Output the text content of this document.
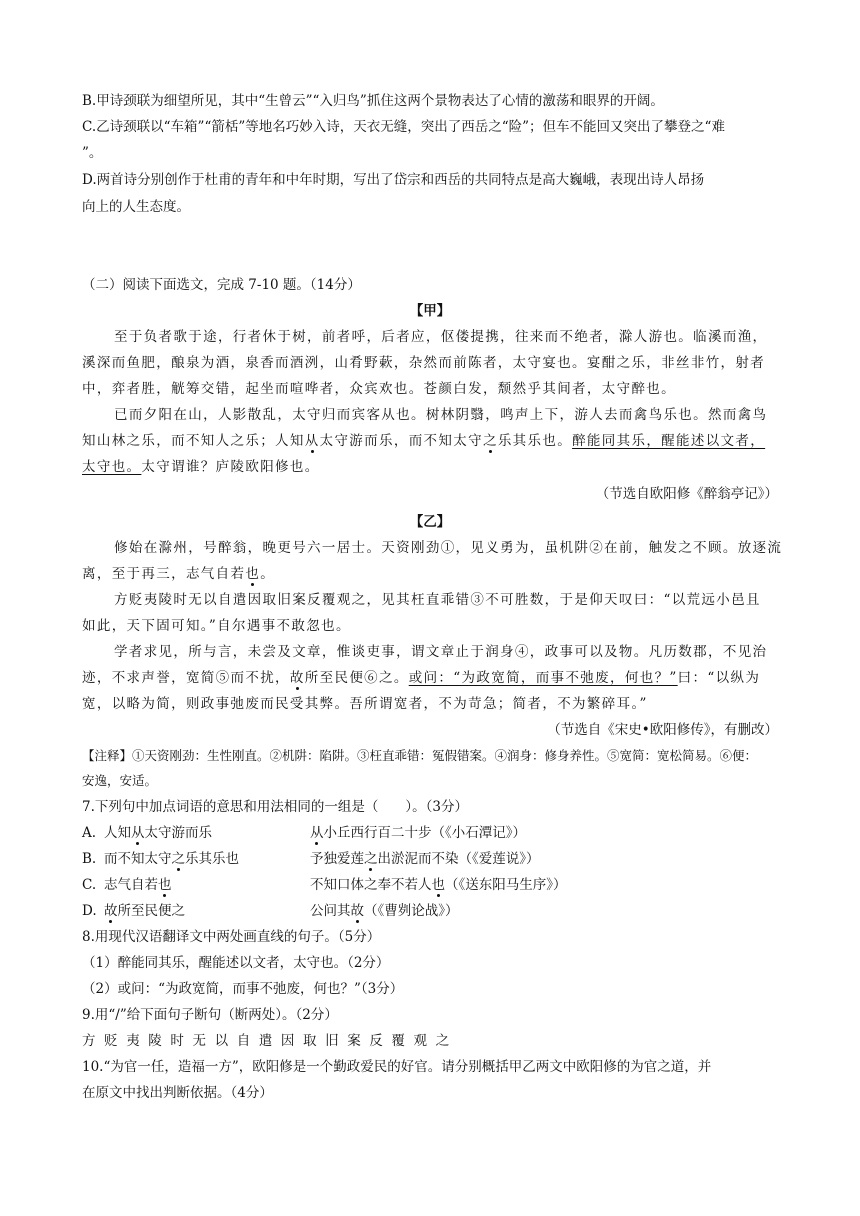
B.甲诗颈联为细望所见，其中“生曾云”“入归鸟”抓住这两个景物表达了心情的激荡和眼界的开阔。
C.乙诗颈联以“车箱”“箭栝”等地名巧妙入诗，天衣无缝，突出了西岳之“险”；但车不能回又突出了攀登之“难
”。
D.两首诗分别创作于杜甫的青年和中年时期，写出了岱宗和西岳的共同特点是高大巍峨，表现出诗人昂扬
向上的人生态度。
（二）阅读下面选文，完成 7-10 题。（14分）
【甲】
至于负者歌于途，行者休于树，前者呼，后者应，伛偻提携，往来而不绝者，滁人游也。临溪而渔，
溪深而鱼肥，酿泉为酒，泉香而酒洌，山肴野蔌，杂然而前陈者，太守宴也。宴酣之乐，非丝非竹，射者
中，弈者胜，觥筹交错，起坐而喧哗者，众宾欢也。苍颜白发，颓然乎其间者，太守醉也。
已而夕阳在山，人影散乱，太守归而宾客从也。树林阴翳，鸣声上下，游人去而禽鸟乐也。然而禽鸟
知山林之乐，而不知人之乐；人知从太守游而乐，而不知太守之乐其乐也。醉能同其乐，醒能述以文者，
太守也。太守谓谁？庐陵欧阳修也。
（节选自欧阳修《醉翁亭记》）
【乙】
修始在滁州，号醉翁，晚更号六一居士。天资刚劲①，见义勇为，虽机阱②在前，触发之不顾。放逐流
离，至于再三，志气自若也。
方贬夷陵时无以自遣因取旧案反覆观之，见其枉直乖错③不可胜数，于是仰天叹曰：“以荒远小邑且
如此，天下固可知。”自尔遇事不敢忽也。
学者求见，所与言，未尝及文章，惟谈吏事，谓文章止于润身④，政事可以及物。凡历数郡，不见治
迹，不求声誉，宽简⑤而不扰，故所至民便⑥之。或问：“为政宽简，而事不弛废，何也？”曰：“以纵为
宽，以略为简，则政事弛废而民受其弊。吾所谓宽者，不为苛急；简者，不为繁碎耳。”
（节选自《宋史•欧阳修传》，有删改）
【注释】①天资刚劲：生性刚直。②机阱：陷阱。③枉直乖错：冤假错案。④润身：修身养性。⑤宽简：宽松简易。⑥便：
安逸，安适。
7.下列句中加点词语的意思和用法相同的一组是（　　）。（3分）
A. 人知从太守游而乐	从小丘西行百二十步（《小石潭记》）
B. 而不知太守之乐其乐也	予独爱莲之出淤泥而不染（《爱莲说》）
C. 志气自若也	不知口体之奉不若人也（《送东阳马生序》）
D. 故所至民便之	公问其故（《曹刿论战》）
8.用现代汉语翻译文中两处画直线的句子。（5分）
（1）醉能同其乐，醒能述以文者，太守也。（2分）
（2）或问：“为政宽简，而事不弛废，何也？”（3分）
9.用“/”给下面句子断句（断两处）。（2分）
方贬夷陵时无以自遣因取旧案反覆观之
10.“为官一任，造福一方”，欧阳修是一个勤政爱民的好官。请分别概括甲乙两文中欧阳修的为官之道，并
在原文中找出判断依据。（4分）
